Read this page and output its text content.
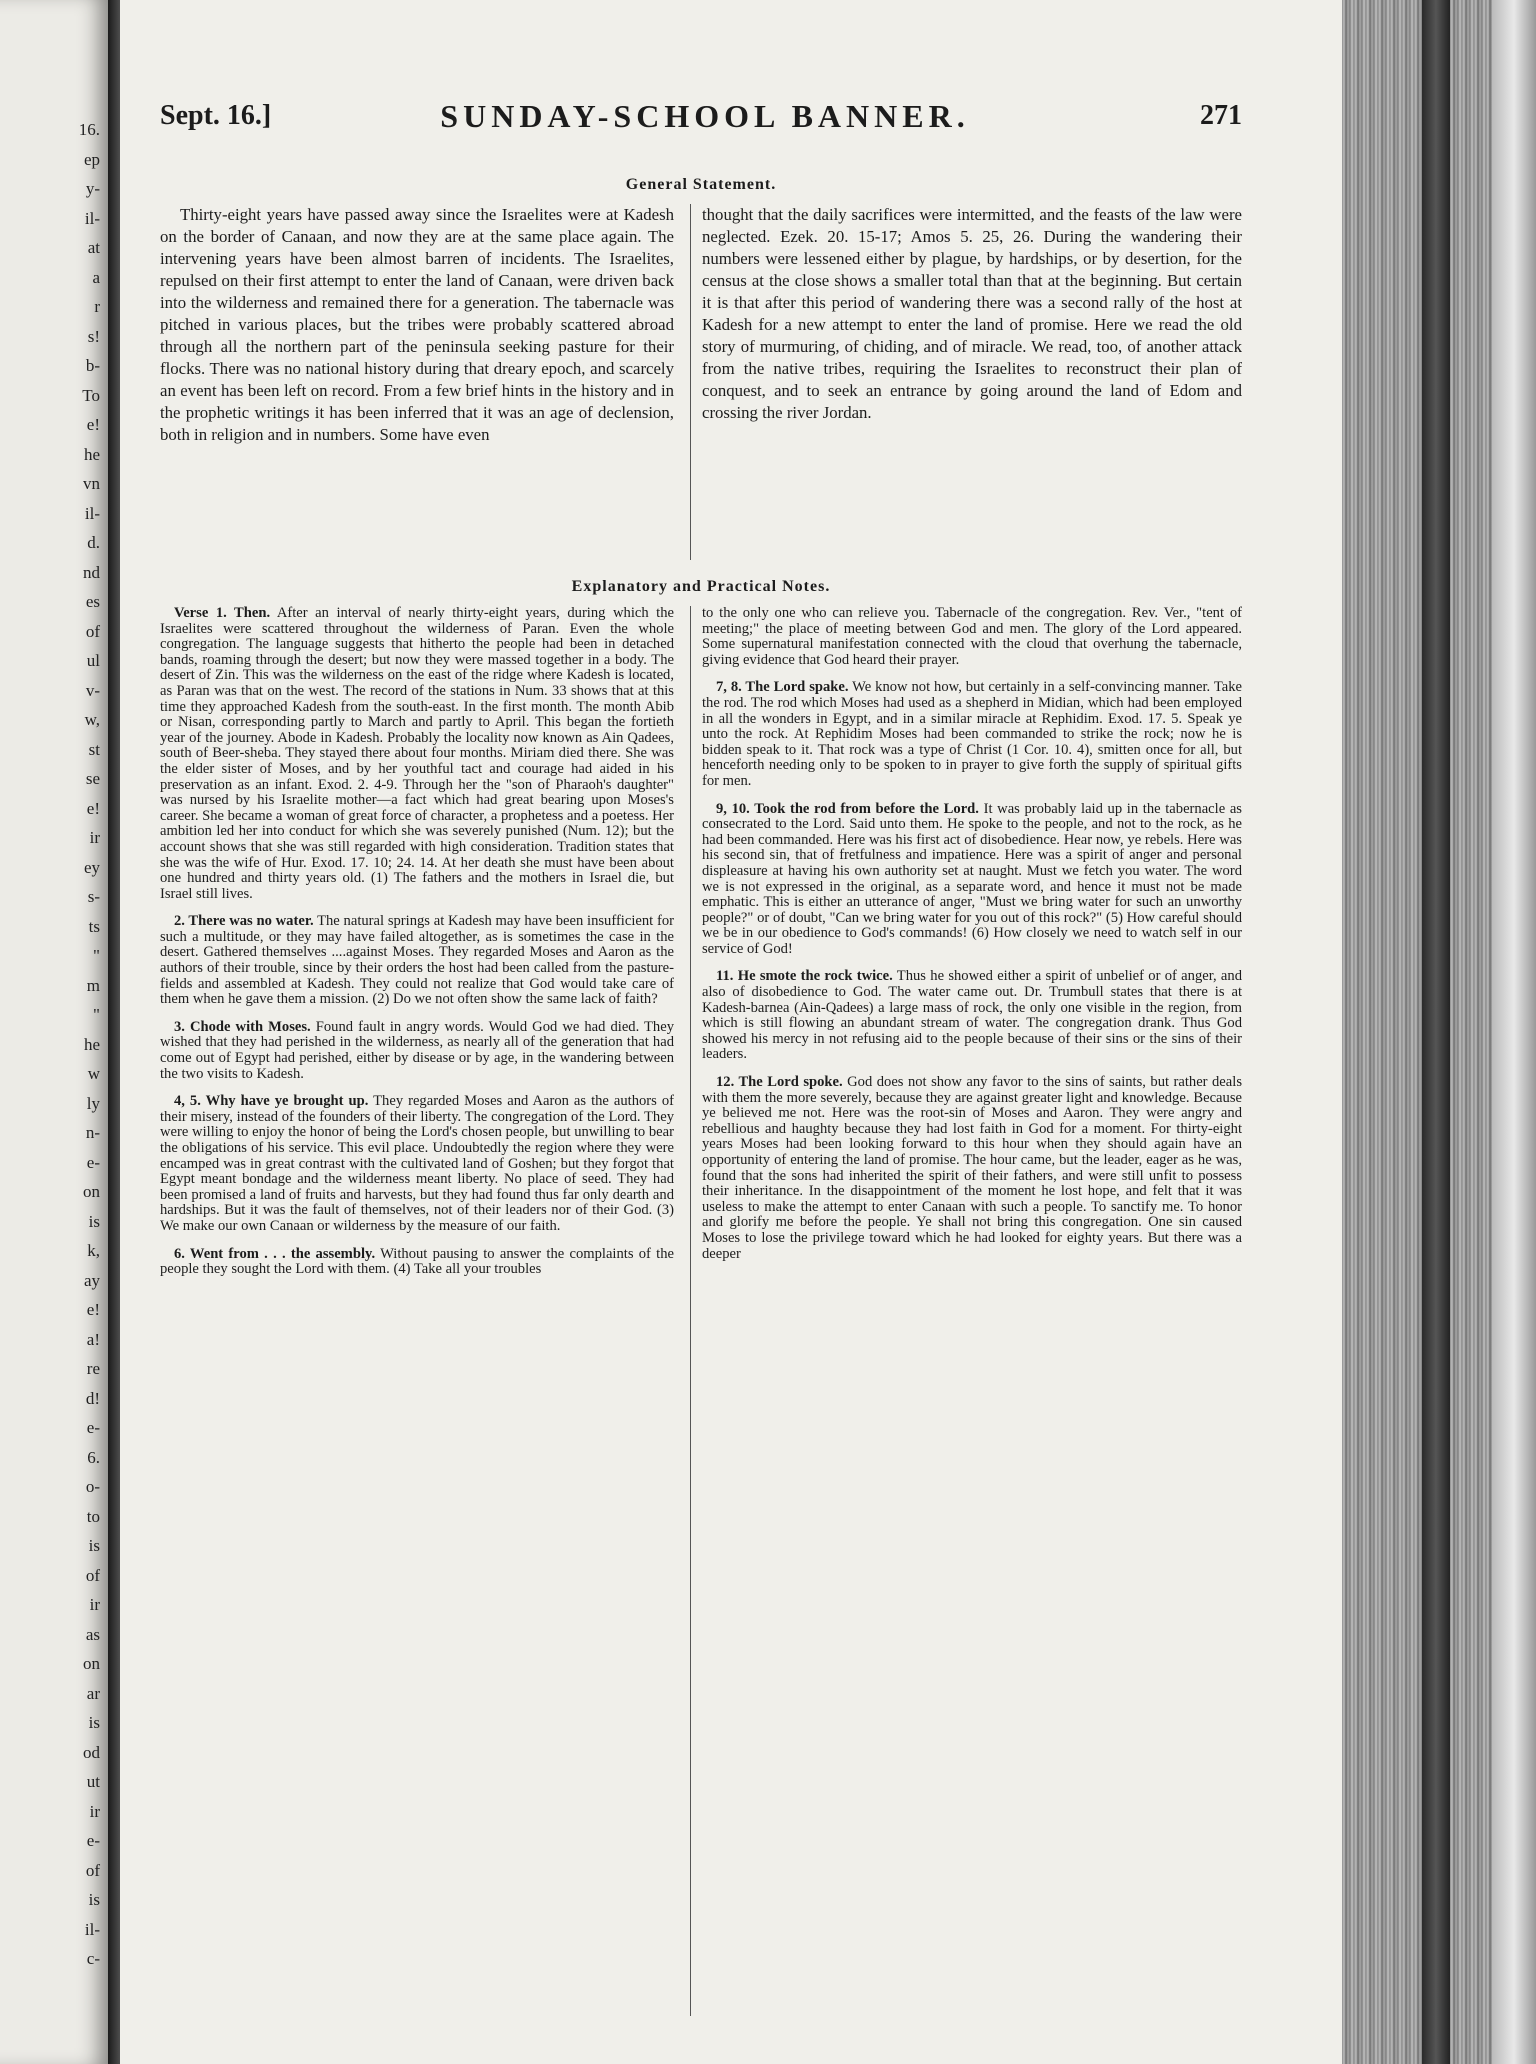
16.
ep
y-
il-
at
a
r
s!
b-
To
e!
he
vn
il-
d.
nd
es
of
ul
v-
w,
st
se
e!
ir
ey
s-
ts
"
m
"
he
w
ly
n-
e-
on
is
k,
ay
e!
a!
re
d!
e-
6.
o-
to
is
of
ir
as
on
ar
is
od
ut
ir
e-
of
is
il-
c-
Sept. 16.]	SUNDAY-SCHOOL BANNER.	271
General Statement.

Thirty-eight years have passed away since the Israelites were at Kadesh on the border of Canaan, and now they are at the same place again. The intervening years have been almost barren of incidents. The Israelites, repulsed on their first attempt to enter the land of Canaan, were driven back into the wilderness and remained there for a generation. The tabernacle was pitched in various places, but the tribes were probably scattered abroad through all the northern part of the peninsula seeking pasture for their flocks. There was no national history during that dreary epoch, and scarcely an event has been left on record. From a few brief hints in the history and in the prophetic writings it has been inferred that it was an age of declension, both in religion and in numbers. Some have even

thought that the daily sacrifices were intermitted, and the feasts of the law were neglected. Ezek. 20. 15-17; Amos 5. 25, 26. During the wandering their numbers were lessened either by plague, by hardships, or by desertion, for the census at the close shows a smaller total than that at the beginning. But certain it is that after this period of wandering there was a second rally of the host at Kadesh for a new attempt to enter the land of promise. Here we read the old story of murmuring, of chiding, and of miracle. We read, too, of another attack from the native tribes, requiring the Israelites to reconstruct their plan of conquest, and to seek an entrance by going around the land of Edom and crossing the river Jordan.

Explanatory and Practical Notes.

Verse 1. Then. After an interval of nearly thirty-eight years, during which the Israelites were scattered throughout the wilderness of Paran. Even the whole congregation. The language suggests that hitherto the people had been in detached bands, roaming through the desert; but now they were massed together in a body. The desert of Zin. This was the wilderness on the east of the ridge where Kadesh is located, as Paran was that on the west. The record of the stations in Num. 33 shows that at this time they approached Kadesh from the south-east. In the first month. The month Abib or Nisan, corresponding partly to March and partly to April. This began the fortieth year of the journey. Abode in Kadesh. Probably the locality now known as Ain Qadees, south of Beer-sheba. They stayed there about four months. Miriam died there. She was the elder sister of Moses, and by her youthful tact and courage had aided in his preservation as an infant. Exod. 2. 4-9. Through her the "son of Pharaoh's daughter" was nursed by his Israelite mother—a fact which had great bearing upon Moses's career. She became a woman of great force of character, a prophetess and a poetess. Her ambition led her into conduct for which she was severely punished (Num. 12); but the account shows that she was still regarded with high consideration. Tradition states that she was the wife of Hur. Exod. 17. 10; 24. 14. At her death she must have been about one hundred and thirty years old. (1) The fathers and the mothers in Israel die, but Israel still lives.

2. There was no water. The natural springs at Kadesh may have been insufficient for such a multitude, or they may have failed altogether, as is sometimes the case in the desert. Gathered themselves ....against Moses. They regarded Moses and Aaron as the authors of their trouble, since by their orders the host had been called from the pasture-fields and assembled at Kadesh. They could not realize that God would take care of them when he gave them a mission. (2) Do we not often show the same lack of faith?

3. Chode with Moses. Found fault in angry words. Would God we had died. They wished that they had perished in the wilderness, as nearly all of the generation that had come out of Egypt had perished, either by disease or by age, in the wandering between the two visits to Kadesh.

4, 5. Why have ye brought up. They regarded Moses and Aaron as the authors of their misery, instead of the founders of their liberty. The congregation of the Lord. They were willing to enjoy the honor of being the Lord's chosen people, but unwilling to bear the obligations of his service. This evil place. Undoubtedly the region where they were encamped was in great contrast with the cultivated land of Goshen; but they forgot that Egypt meant bondage and the wilderness meant liberty. No place of seed. They had been promised a land of fruits and harvests, but they had found thus far only dearth and hardships. But it was the fault of themselves, not of their leaders nor of their God. (3) We make our own Canaan or wilderness by the measure of our faith.

6. Went from . . . the assembly. Without pausing to answer the complaints of the people they sought the Lord with them. (4) Take all your troubles

to the only one who can relieve you. Tabernacle of the congregation. Rev. Ver., "tent of meeting;" the place of meeting between God and men. The glory of the Lord appeared. Some supernatural manifestation connected with the cloud that overhung the tabernacle, giving evidence that God heard their prayer.

7, 8. The Lord spake. We know not how, but certainly in a self-convincing manner. Take the rod. The rod which Moses had used as a shepherd in Midian, which had been employed in all the wonders in Egypt, and in a similar miracle at Rephidim. Exod. 17. 5. Speak ye unto the rock. At Rephidim Moses had been commanded to strike the rock; now he is bidden speak to it. That rock was a type of Christ (1 Cor. 10. 4), smitten once for all, but henceforth needing only to be spoken to in prayer to give forth the supply of spiritual gifts for men.

9, 10. Took the rod from before the Lord. It was probably laid up in the tabernacle as consecrated to the Lord. Said unto them. He spoke to the people, and not to the rock, as he had been commanded. Here was his first act of disobedience. Hear now, ye rebels. Here was his second sin, that of fretfulness and impatience. Here was a spirit of anger and personal displeasure at having his own authority set at naught. Must we fetch you water. The word we is not expressed in the original, as a separate word, and hence it must not be made emphatic. This is either an utterance of anger, "Must we bring water for such an unworthy people?" or of doubt, "Can we bring water for you out of this rock?" (5) How careful should we be in our obedience to God's commands! (6) How closely we need to watch self in our service of God!

11. He smote the rock twice. Thus he showed either a spirit of unbelief or of anger, and also of disobedience to God. The water came out. Dr. Trumbull states that there is at Kadesh-barnea (Ain-Qadees) a large mass of rock, the only one visible in the region, from which is still flowing an abundant stream of water. The congregation drank. Thus God showed his mercy in not refusing aid to the people because of their sins or the sins of their leaders.

12. The Lord spoke. God does not show any favor to the sins of saints, but rather deals with them the more severely, because they are against greater light and knowledge. Because ye believed me not. Here was the root-sin of Moses and Aaron. They were angry and rebellious and haughty because they had lost faith in God for a moment. For thirty-eight years Moses had been looking forward to this hour when they should again have an opportunity of entering the land of promise. The hour came, but the leader, eager as he was, found that the sons had inherited the spirit of their fathers, and were still unfit to possess their inheritance. In the disappointment of the moment he lost hope, and felt that it was useless to make the attempt to enter Canaan with such a people. To sanctify me. To honor and glorify me before the people. Ye shall not bring this congregation. One sin caused Moses to lose the privilege toward which he had looked for eighty years. But there was a deeper
